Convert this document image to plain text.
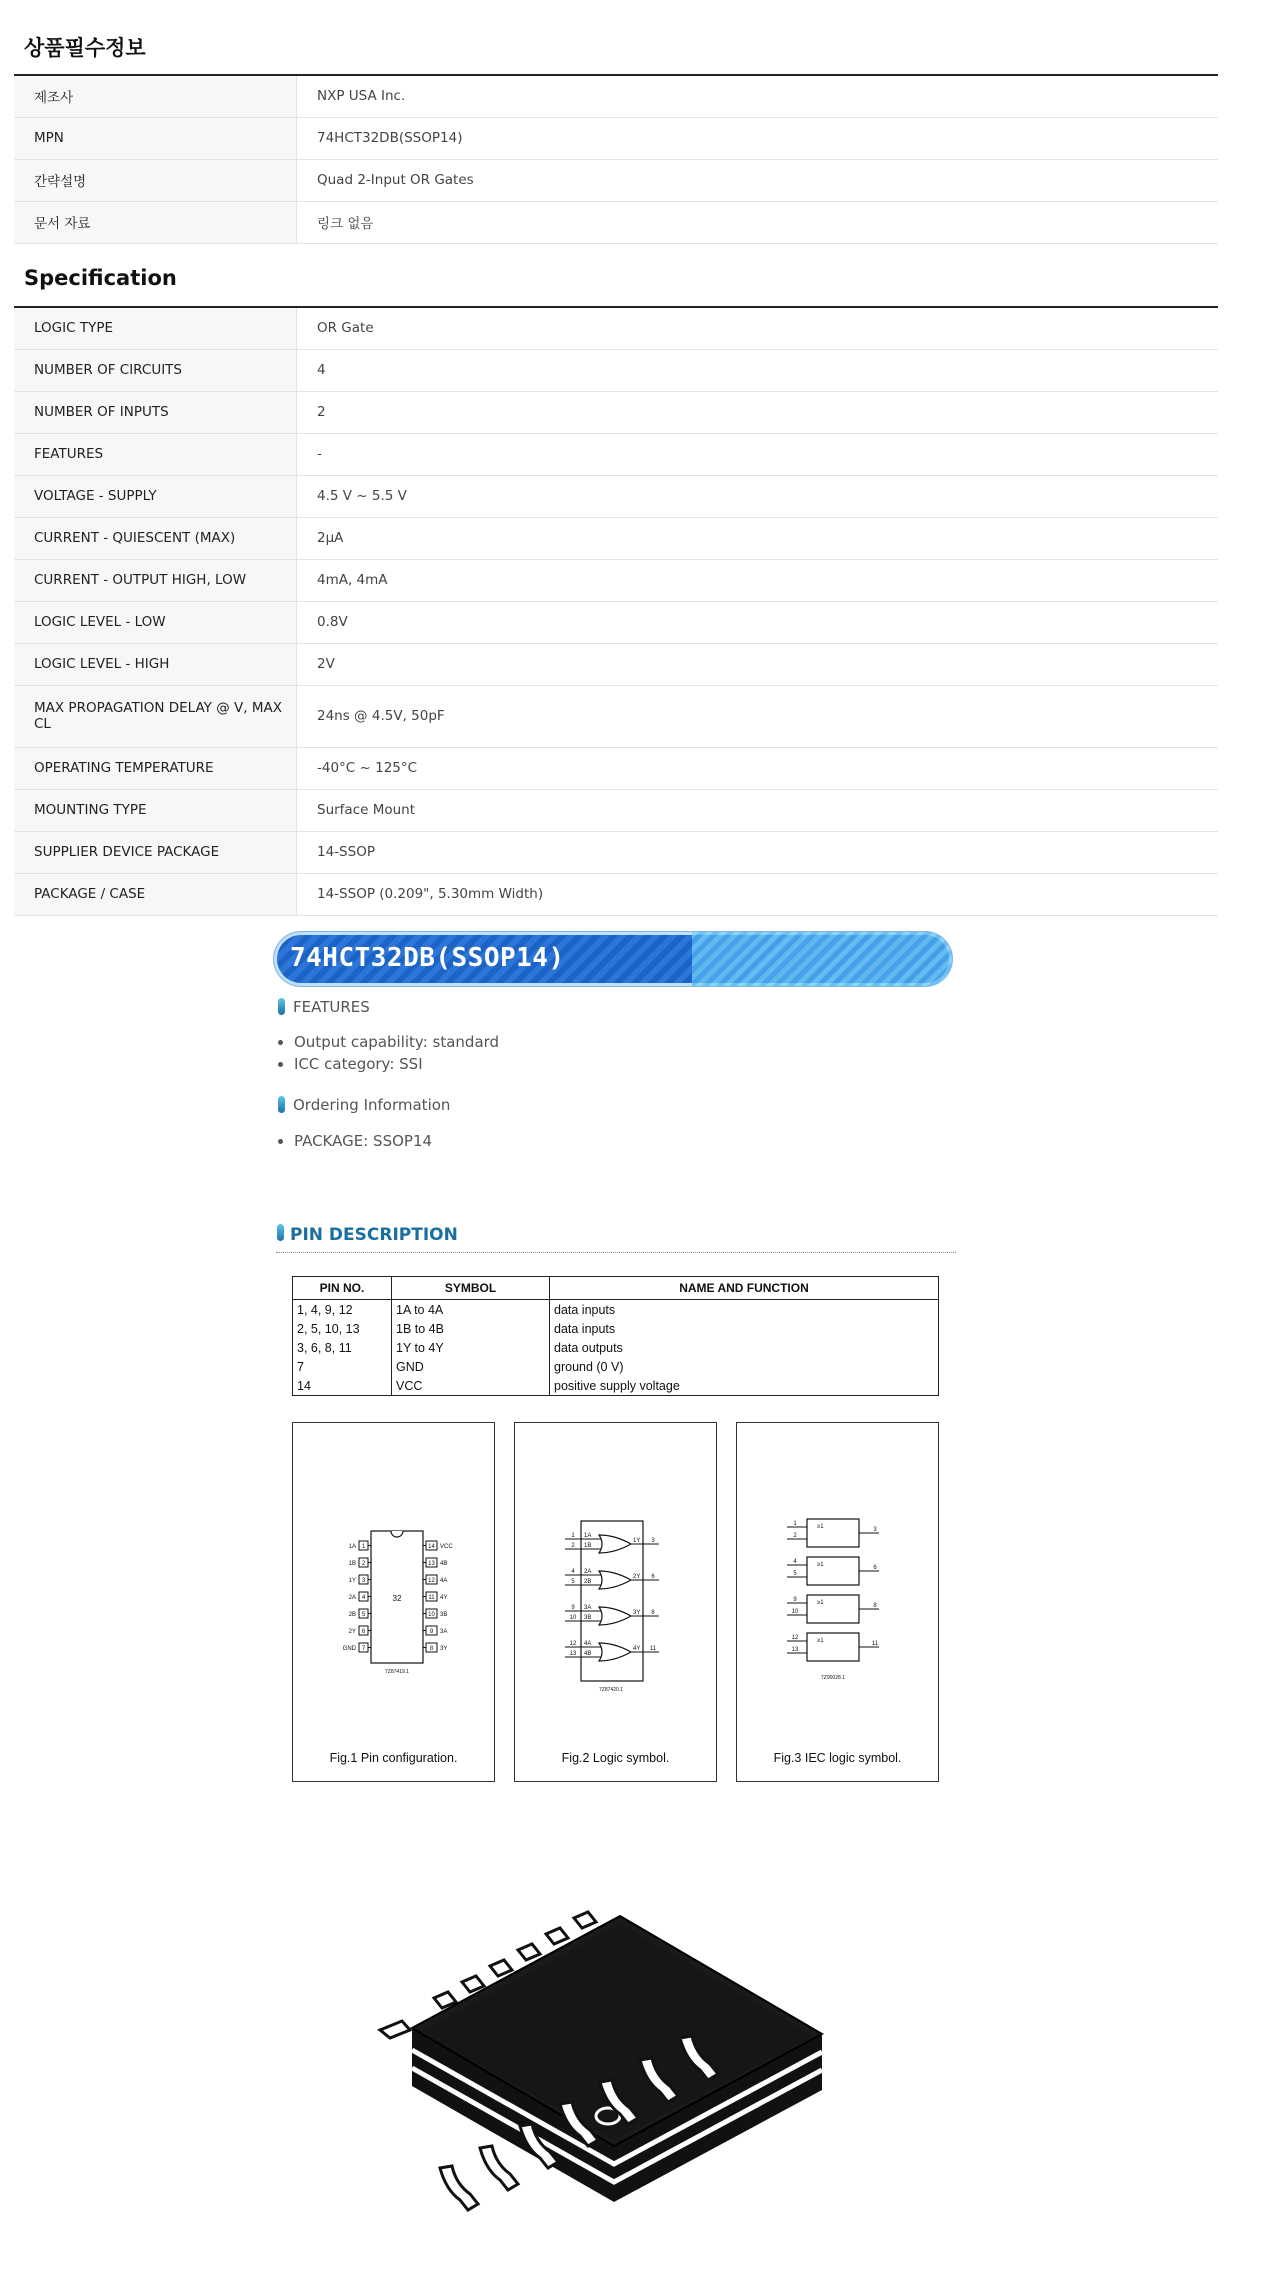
상품필수정보
제조사	NXP USA Inc.
MPN	74HCT32DB(SSOP14)
간략설명	Quad 2-Input OR Gates
문서 자료	링크 없음
Specification
LOGIC TYPE	OR Gate
NUMBER OF CIRCUITS	4
NUMBER OF INPUTS	2
FEATURES	-
VOLTAGE - SUPPLY	4.5 V ~ 5.5 V
CURRENT - QUIESCENT (MAX)	2µA
CURRENT - OUTPUT HIGH, LOW	4mA, 4mA
LOGIC LEVEL - LOW	0.8V
LOGIC LEVEL - HIGH	2V
MAX PROPAGATION DELAY @ V, MAX CL	24ns @ 4.5V, 50pF
OPERATING TEMPERATURE	-40°C ~ 125°C
MOUNTING TYPE	Surface Mount
SUPPLIER DEVICE PACKAGE	14-SSOP
PACKAGE / CASE	14-SSOP (0.209", 5.30mm Width)
74HCT32DB(SSOP14)
FEATURES
• Output capability: standard
• ICC category: SSI
Ordering Information
• PACKAGE: SSOP14
PIN DESCRIPTION
PIN NO.	SYMBOL	NAME AND FUNCTION
1, 4, 9, 12	1A to 4A	data inputs
2, 5, 10, 13	1B to 4B	data inputs
3, 6, 8, 11	1Y to 4Y	data outputs
7	GND	ground (0 V)
14	VCC	positive supply voltage
32
1
1A
2
1B
3
1Y
4
2A
5
2B
6
2Y
7
GND
14 VCC
13 4B
12 4A
11 4Y
10 3B
9 3A
8 3Y
7Z87419.1
Fig.1 Pin configuration.
1
2
1A
1B
1Y 3
4
5
2A
2B
2Y 6
9
10
3A
3B
3Y 8
12
13
4A
4B
4Y 11
7Z87420.1
Fig.2 Logic symbol.
≥1
1
2
3
≥1
4
5
6
≥1
9
10
8
≥1
12
13
11
7Z90028.1
Fig.3 IEC logic symbol.
